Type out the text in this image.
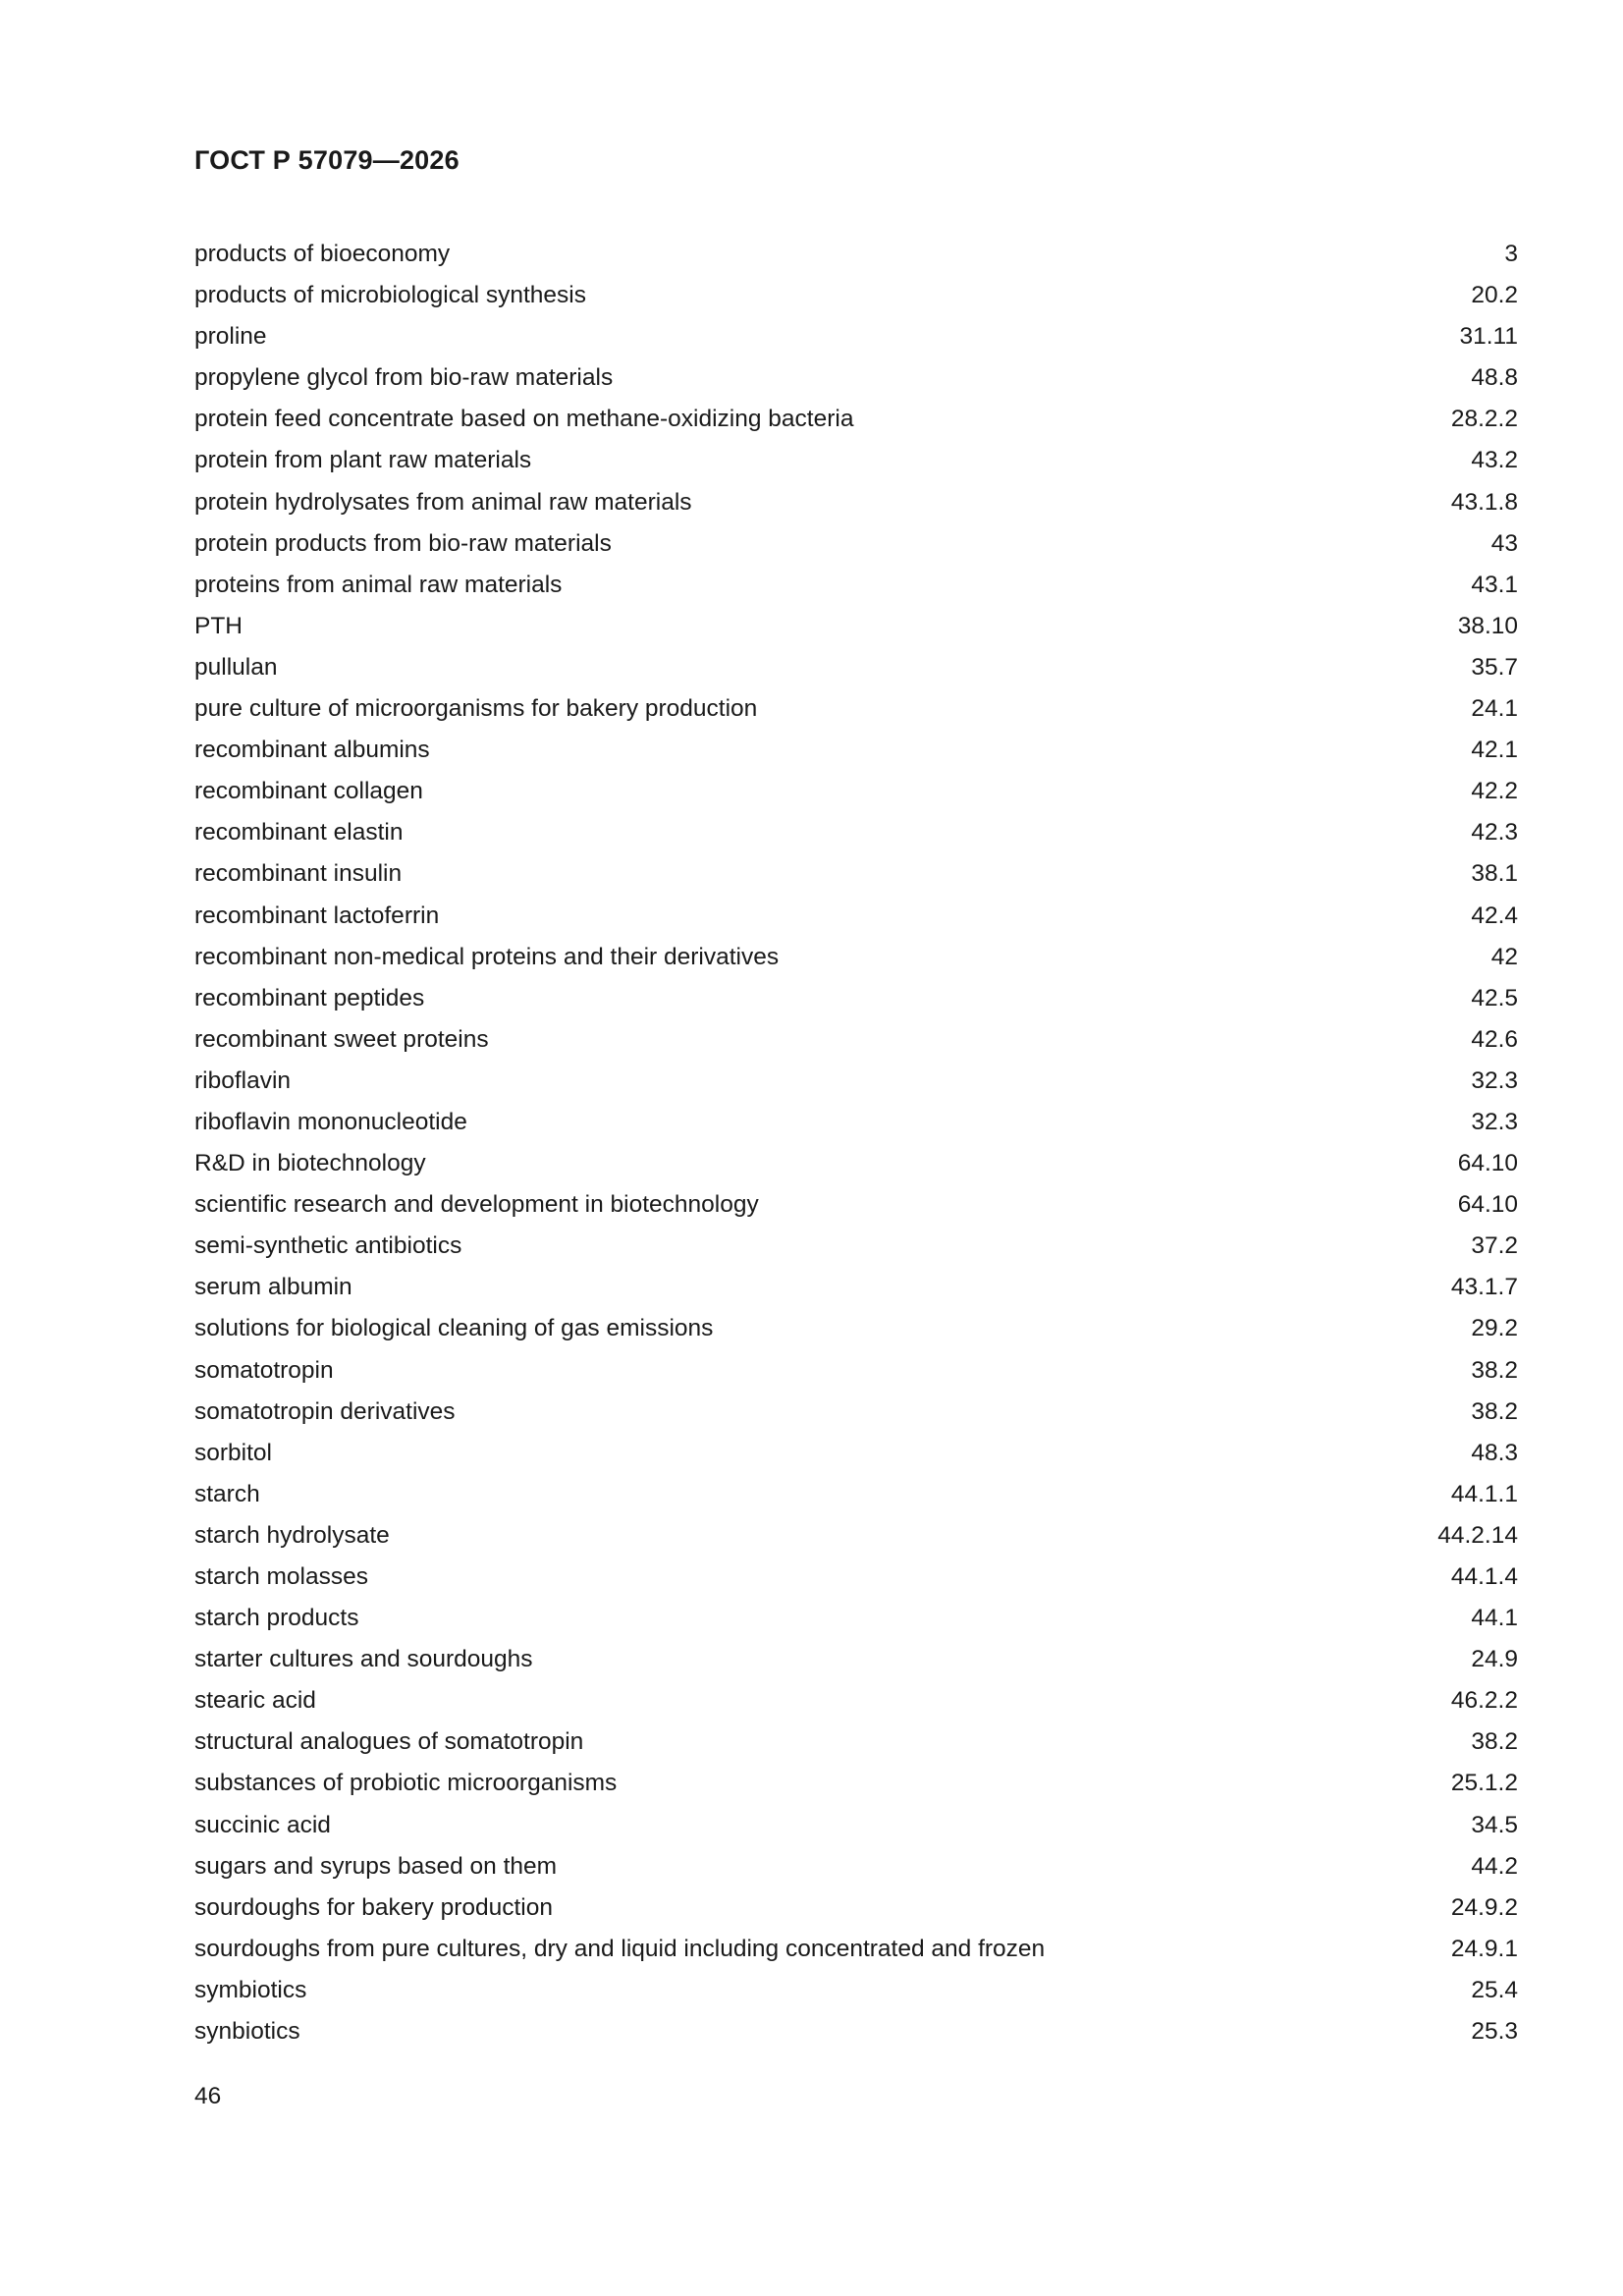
ГОСТ Р 57079—2026
products of bioeconomy	3
products of microbiological synthesis	20.2
proline	31.11
propylene glycol from bio-raw materials	48.8
protein feed concentrate based on methane-oxidizing bacteria	28.2.2
protein from plant raw materials	43.2
protein hydrolysates from animal raw materials	43.1.8
protein products from bio-raw materials	43
proteins from animal raw materials	43.1
PTH	38.10
pullulan	35.7
pure culture of microorganisms for bakery production	24.1
recombinant albumins	42.1
recombinant collagen	42.2
recombinant elastin	42.3
recombinant insulin	38.1
recombinant lactoferrin	42.4
recombinant non-medical proteins and their derivatives	42
recombinant peptides	42.5
recombinant sweet proteins	42.6
riboflavin	32.3
riboflavin mononucleotide	32.3
R&D in biotechnology	64.10
scientific research and development in biotechnology	64.10
semi-synthetic antibiotics	37.2
serum albumin	43.1.7
solutions for biological cleaning of gas emissions	29.2
somatotropin	38.2
somatotropin derivatives	38.2
sorbitol	48.3
starch	44.1.1
starch hydrolysate	44.2.14
starch molasses	44.1.4
starch products	44.1
starter cultures and sourdoughs	24.9
stearic acid	46.2.2
structural analogues of somatotropin	38.2
substances of probiotic microorganisms	25.1.2
succinic acid	34.5
sugars and syrups based on them	44.2
sourdoughs for bakery production	24.9.2
sourdoughs from pure cultures, dry and liquid including concentrated and frozen	24.9.1
symbiotics	25.4
synbiotics	25.3
46
